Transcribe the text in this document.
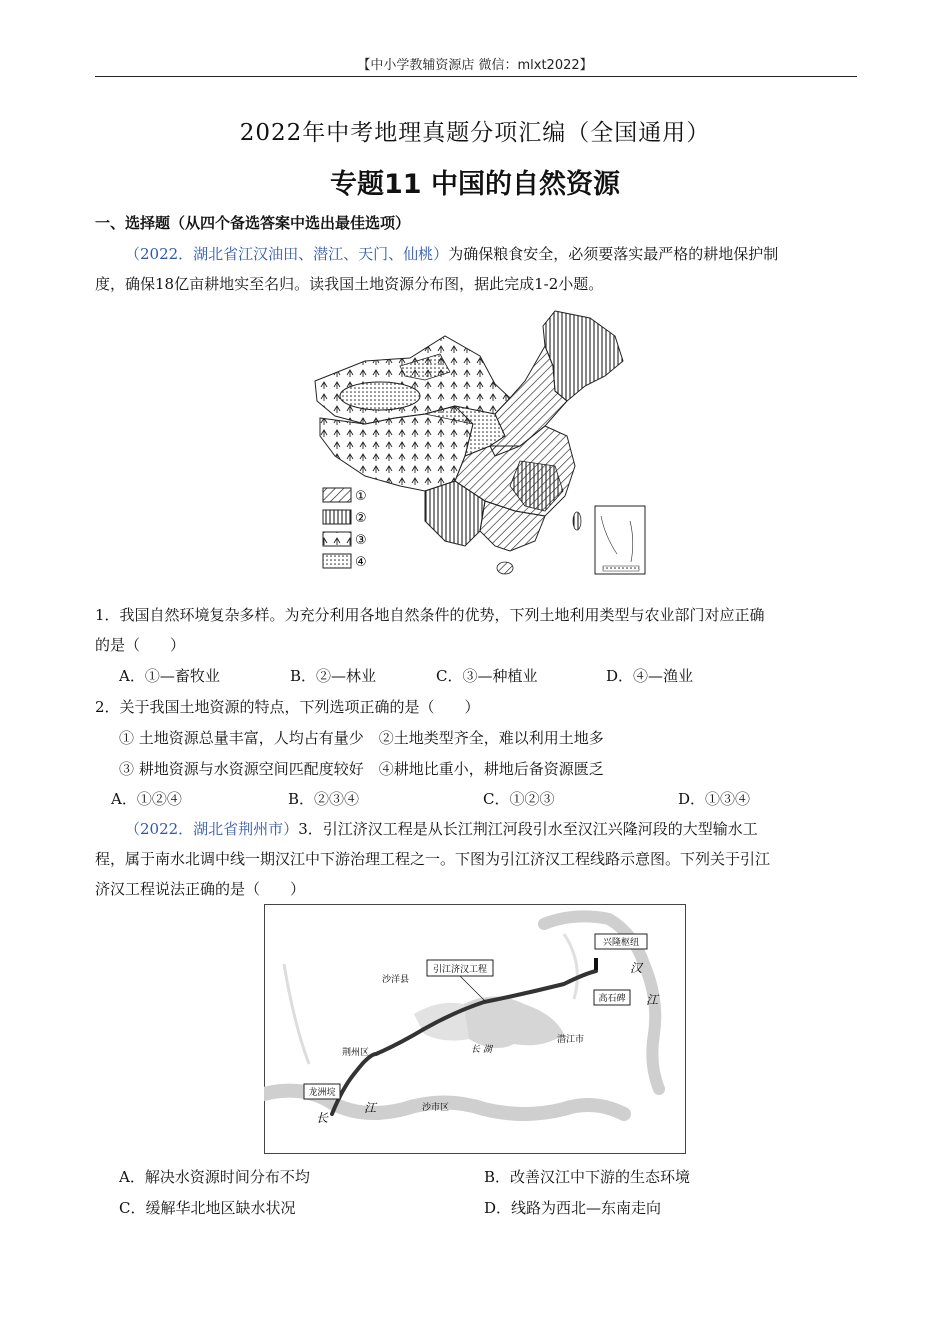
【中小学教辅资源店 微信：mlxt2022】
2022年中考地理真题分项汇编（全国通用）
专题11 中国的自然资源
一、选择题（从四个备选答案中选出最佳选项）
（2022．湖北省江汉油田、潜江、天门、仙桃）为确保粮食安全，必须要落实最严格的耕地保护制
度，确保18亿亩耕地实至名归。读我国土地资源分布图，据此完成1-2小题。
①
②
③
④
1．我国自然环境复杂多样。为充分利用各地自然条件的优势，下列土地利用类型与农业部门对应正确
的是（　　）
A．①—畜牧业	B．②—林业	C．③—种植业	D．④—渔业
2．关于我国土地资源的特点，下列选项正确的是（　　）
① 土地资源总量丰富，人均占有量少　②土地类型齐全，难以利用土地多
③ 耕地资源与水资源空间匹配度较好　④耕地比重小，耕地后备资源匮乏
A．①②④	B．②③④	C．①②③	D．①③④
（2022．湖北省荆州市）3．引江济汉工程是从长江荆江河段引水至汉江兴隆河段的大型输水工
程，属于南水北调中线一期汉江中下游治理工程之一。下图为引江济汉工程线路示意图。下列关于引江
济汉工程说法正确的是（　　）
兴隆枢纽
汉
江
沙洋县
引江济汉工程
高石碑
荆州区	长 湖
潜江市
龙洲垸
长
江	沙市区
A．解决水资源时间分布不均	B．改善汉江中下游的生态环境
C．缓解华北地区缺水状况	D．线路为西北—东南走向
